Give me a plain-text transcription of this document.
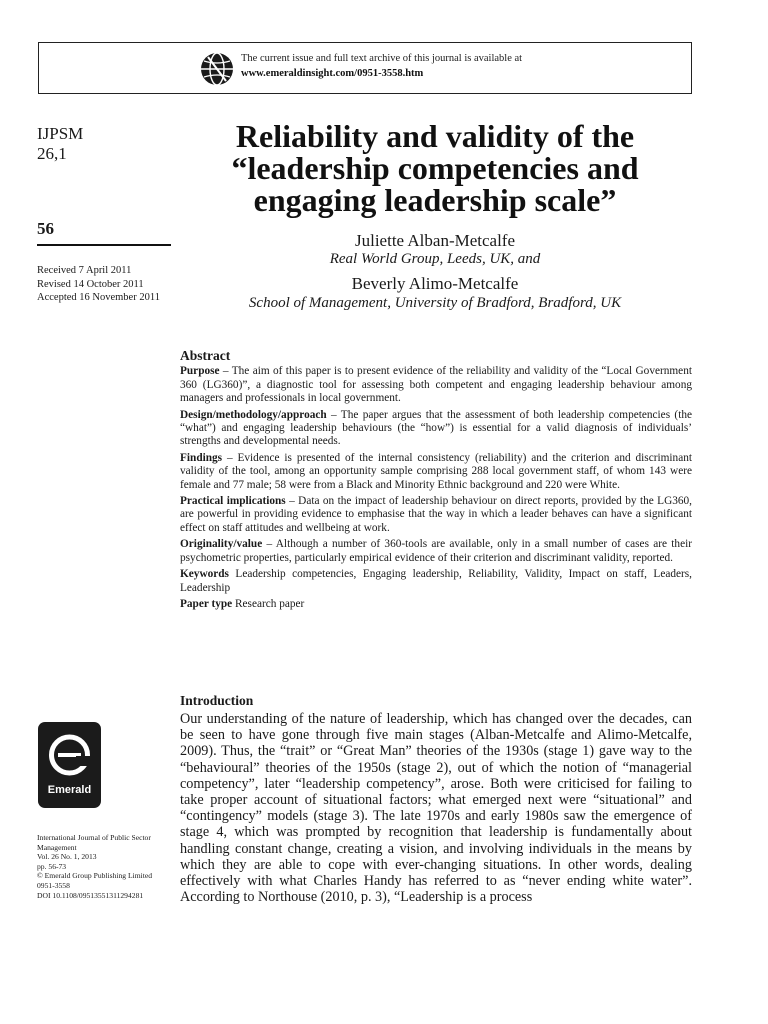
The current issue and full text archive of this journal is available at
www.emeraldinsight.com/0951-3558.htm
IJPSM
26,1
56
Received 7 April 2011
Revised 14 October 2011
Accepted 16 November 2011
Reliability and validity of the
“leadership competencies and
engaging leadership scale”
Juliette Alban-Metcalfe
Real World Group, Leeds, UK, and
Beverly Alimo-Metcalfe
School of Management, University of Bradford, Bradford, UK
Abstract

Purpose – The aim of this paper is to present evidence of the reliability and validity of the “Local Government 360 (LG360)”, a diagnostic tool for assessing both competent and engaging leadership behaviour among managers and professionals in local government.

Design/methodology/approach – The paper argues that the assessment of both leadership competencies (the “what”) and engaging leadership behaviours (the “how”) is essential for a valid diagnosis of individuals’ strengths and developmental needs.

Findings – Evidence is presented of the internal consistency (reliability) and the criterion and discriminant validity of the tool, among an opportunity sample comprising 288 local government staff, of whom 143 were female and 77 male; 58 were from a Black and Minority Ethnic background and 220 were White.

Practical implications – Data on the impact of leadership behaviour on direct reports, provided by the LG360, are powerful in providing evidence to emphasise that the way in which a leader behaves can have a significant effect on staff attitudes and wellbeing at work.

Originality/value – Although a number of 360-tools are available, only in a small number of cases are their psychometric properties, particularly empirical evidence of their criterion and discriminant validity, reported.

Keywords Leadership competencies, Engaging leadership, Reliability, Validity, Impact on staff, Leaders, Leadership

Paper type Research paper

Introduction

Our understanding of the nature of leadership, which has changed over the decades, can be seen to have gone through five main stages (Alban-Metcalfe and Alimo-Metcalfe, 2009). Thus, the “trait” or “Great Man” theories of the 1930s (stage 1) gave way to the “behavioural” theories of the 1950s (stage 2), out of which the notion of “managerial competency”, later “leadership competency”, arose. Both were criticised for failing to take proper account of situational factors; what emerged next were “situational” and “contingency” models (stage 3). The late 1970s and early 1980s saw the emergence of stage 4, which was prompted by recognition that leadership is fundamentally about handling constant change, creating a vision, and involving individuals in the means by which they are able to cope with ever-changing situations. In other words, dealing effectively with what Charles Handy has referred to as “never ending white water”. According to Northouse (2010, p. 3), “Leadership is a process

Emerald
International Journal of Public Sector
Management
Vol. 26 No. 1, 2013
pp. 56-73
© Emerald Group Publishing Limited
0951-3558
DOI 10.1108/09513551311294281
